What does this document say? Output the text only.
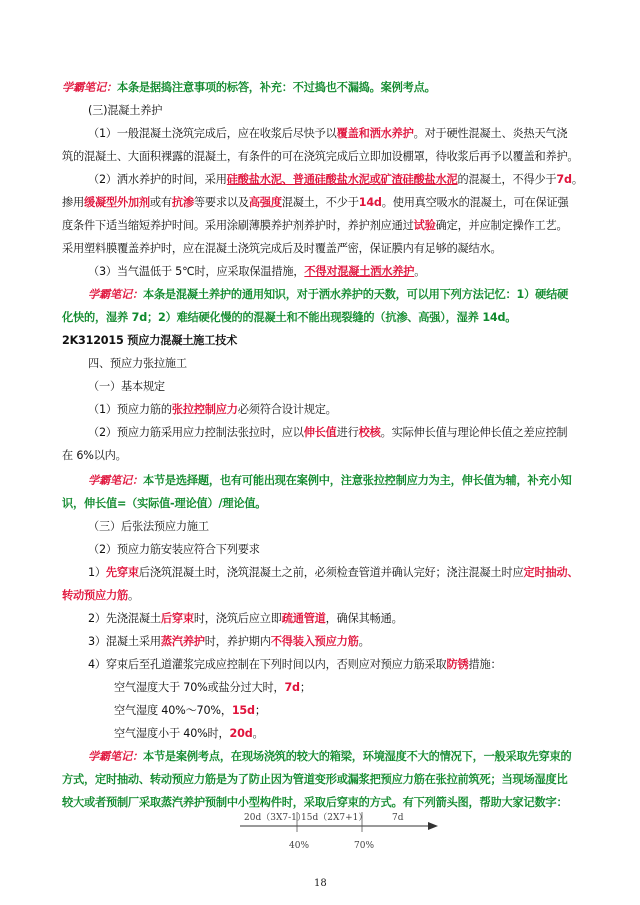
学霸笔记：本条是据捣注意事项的标答，补充：不过捣也不漏捣。案例考点。
(三)混凝土养护
（1）一般混凝土浇筑完成后，应在收浆后尽快予以覆盖和洒水养护。对于硬性混凝土、炎热天气浇
筑的混凝土、大面积裸露的混凝土，有条件的可在浇筑完成后立即加设棚罩，待收浆后再予以覆盖和养护。
（2）洒水养护的时间，采用硅酸盐水泥、普通硅酸盐水泥或矿渣硅酸盐水泥的混凝土，不得少于7d。
掺用缓凝型外加剂或有抗渗等要求以及高强度混凝土，不少于14d。使用真空吸水的混凝土，可在保证强
度条件下适当缩短养护时间。采用涂刷薄膜养护剂养护时，养护剂应通过试验确定，并应制定操作工艺。
采用塑料膜覆盖养护时，应在混凝土浇筑完成后及时覆盖严密，保证膜内有足够的凝结水。
（3）当气温低于 5℃时，应采取保温措施，不得对混凝土洒水养护。
学霸笔记：本条是混凝土养护的通用知识，对于洒水养护的天数，可以用下列方法记忆：1）硬结硬
化快的，湿养 7d；2）难结硬化慢的的混凝土和不能出现裂缝的（抗渗、高强），湿养 14d。
2K312015 预应力混凝土施工技术
四、预应力张拉施工
（一）基本规定
（1）预应力筋的张拉控制应力必须符合设计规定。
（2）预应力筋采用应力控制法张拉时，应以伸长值进行校核。实际伸长值与理论伸长值之差应控制
在 6%以内。
学霸笔记：本节是选择题，也有可能出现在案例中，注意张拉控制应力为主，伸长值为辅，补充小知
识，伸长值=（实际值-理论值）/理论值。
（三）后张法预应力施工
（2）预应力筋安装应符合下列要求
1）先穿束后浇筑混凝土时，浇筑混凝土之前，必须检查管道并确认完好；浇注混凝土时应定时抽动、
转动预应力筋。
2）先浇混凝土后穿束时，浇筑后应立即疏通管道，确保其畅通。
3）混凝土采用蒸汽养护时，养护期内不得装入预应力筋。
4）穿束后至孔道灌浆完成应控制在下列时间以内，否则应对预应力筋采取防锈措施：
空气湿度大于 70%或盐分过大时，7d；
空气湿度 40%～70%，15d；
空气湿度小于 40%时，20d。
学霸笔记：本节是案例考点，在现场浇筑的较大的箱梁，环境湿度不大的情况下，一般采取先穿束的
方式，定时抽动、转动预应力筋是为了防止因为管道变形或漏浆把预应力筋在张拉前筑死；当现场湿度比
较大或者预制厂采取蒸汽养护预制中小型构件时，采取后穿束的方式。有下列箭头图，帮助大家记数字：
20d（3X7-1）
15d（2X7+1）	7d
40%	70%
18
